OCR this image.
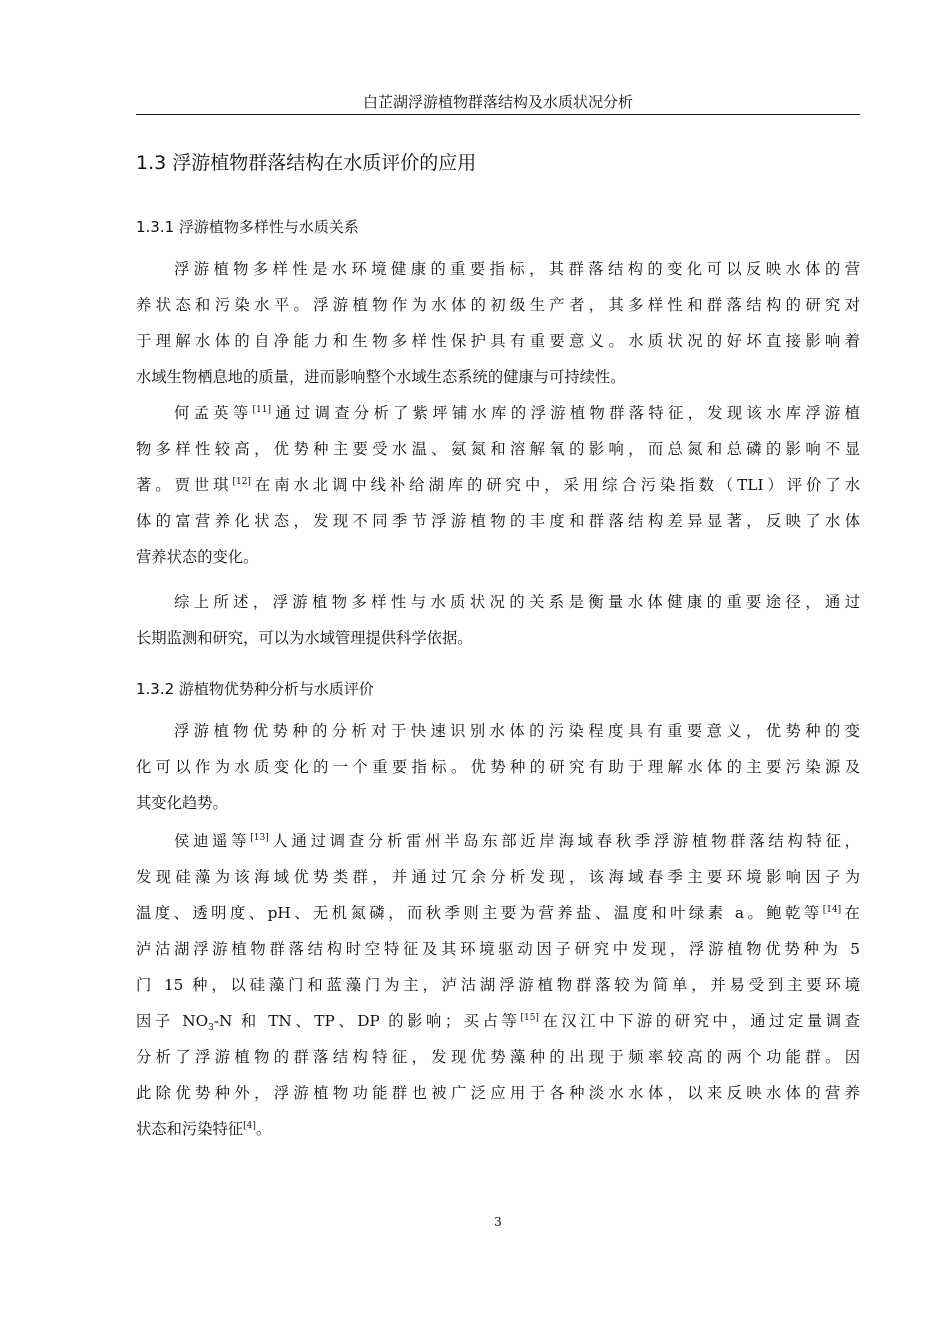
白芷湖浮游植物群落结构及水质状况分析
1.3 浮游植物群落结构在水质评价的应用
1.3.1 浮游植物多样性与水质关系
浮游植物多样性是水环境健康的重要指标，其群落结构的变化可以反映水体的营
养状态和污染水平。浮游植物作为水体的初级生产者，其多样性和群落结构的研究对
于理解水体的自净能力和生物多样性保护具有重要意义。水质状况的好坏直接影响着
水域生物栖息地的质量，进而影响整个水域生态系统的健康与可持续性。
何孟英等[11]通过调查分析了紫坪铺水库的浮游植物群落特征，发现该水库浮游植
物多样性较高，优势种主要受水温、氨氮和溶解氧的影响，而总氮和总磷的影响不显
著。贾世琪[12]在南水北调中线补给湖库的研究中，采用综合污染指数（TLI）评价了水
体的富营养化状态，发现不同季节浮游植物的丰度和群落结构差异显著，反映了水体
营养状态的变化。
综上所述，浮游植物多样性与水质状况的关系是衡量水体健康的重要途径，通过
长期监测和研究，可以为水域管理提供科学依据。
1.3.2 游植物优势种分析与水质评价
浮游植物优势种的分析对于快速识别水体的污染程度具有重要意义，优势种的变
化可以作为水质变化的一个重要指标。优势种的研究有助于理解水体的主要污染源及
其变化趋势。
侯迪遥等[13]人通过调查分析雷州半岛东部近岸海域春秋季浮游植物群落结构特征，
发现硅藻为该海域优势类群，并通过冗余分析发现，该海域春季主要环境影响因子为
温度、透明度、pH、无机氮磷，而秋季则主要为营养盐、温度和叶绿素 a。鲍乾等[14]在
泸沽湖浮游植物群落结构时空特征及其环境驱动因子研究中发现，浮游植物优势种为 5
门 15 种，以硅藻门和蓝藻门为主，泸沽湖浮游植物群落较为简单，并易受到主要环境
因子 $NO_3-N$ 和 TN、TP、DP 的影响；买占等[15]在汉江中下游的研究中，通过定量调查
分析了浮游植物的群落结构特征，发现优势藻种的出现于频率较高的两个功能群。因
此除优势种外，浮游植物功能群也被广泛应用于各种淡水水体，以来反映水体的营养
状态和污染特征[4]。
3
